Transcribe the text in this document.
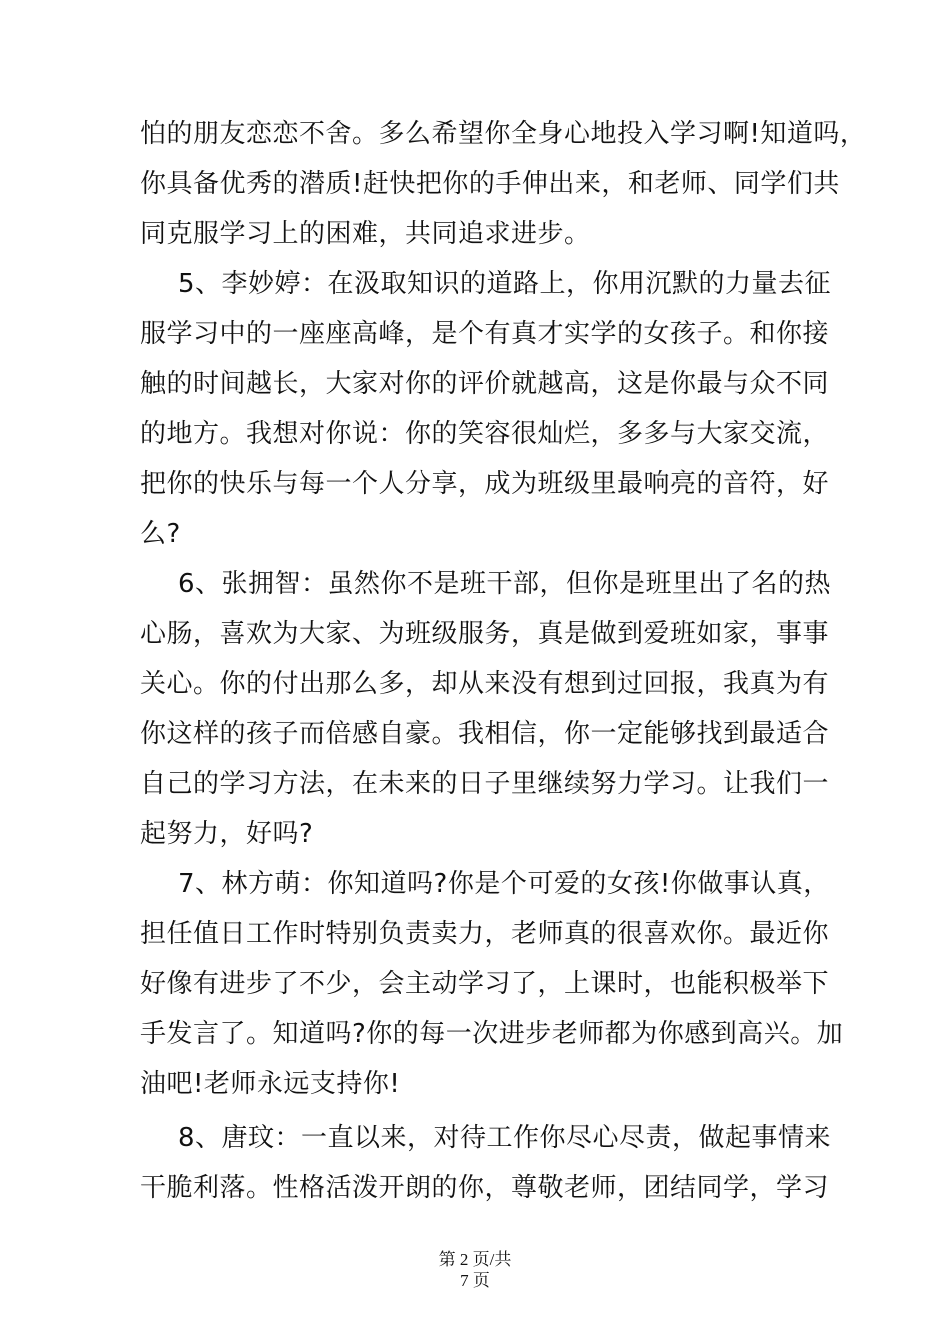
怕的朋友恋恋不舍。多么希望你全身心地投入学习啊!知道吗，
你具备优秀的潜质!赶快把你的手伸出来，和老师、同学们共
同克服学习上的困难，共同追求进步。
5、李妙婷：在汲取知识的道路上，你用沉默的力量去征
服学习中的一座座高峰，是个有真才实学的女孩子。和你接
触的时间越长，大家对你的评价就越高，这是你最与众不同
的地方。我想对你说：你的笑容很灿烂，多多与大家交流，
把你的快乐与每一个人分享，成为班级里最响亮的音符，好
么?
6、张拥智：虽然你不是班干部，但你是班里出了名的热
心肠，喜欢为大家、为班级服务，真是做到爱班如家，事事
关心。你的付出那么多，却从来没有想到过回报，我真为有
你这样的孩子而倍感自豪。我相信，你一定能够找到最适合
自己的学习方法，在未来的日子里继续努力学习。让我们一
起努力，好吗?
7、林方萌：你知道吗?你是个可爱的女孩!你做事认真，
担任值日工作时特别负责卖力，老师真的很喜欢你。最近你
好像有进步了不少，会主动学习了，上课时，也能积极举下
手发言了。知道吗?你的每一次进步老师都为你感到高兴。加
油吧!老师永远支持你!
8、唐玟：一直以来，对待工作你尽心尽责，做起事情来
干脆利落。性格活泼开朗的你，尊敬老师，团结同学，学习
第 2 页/共
7 页
